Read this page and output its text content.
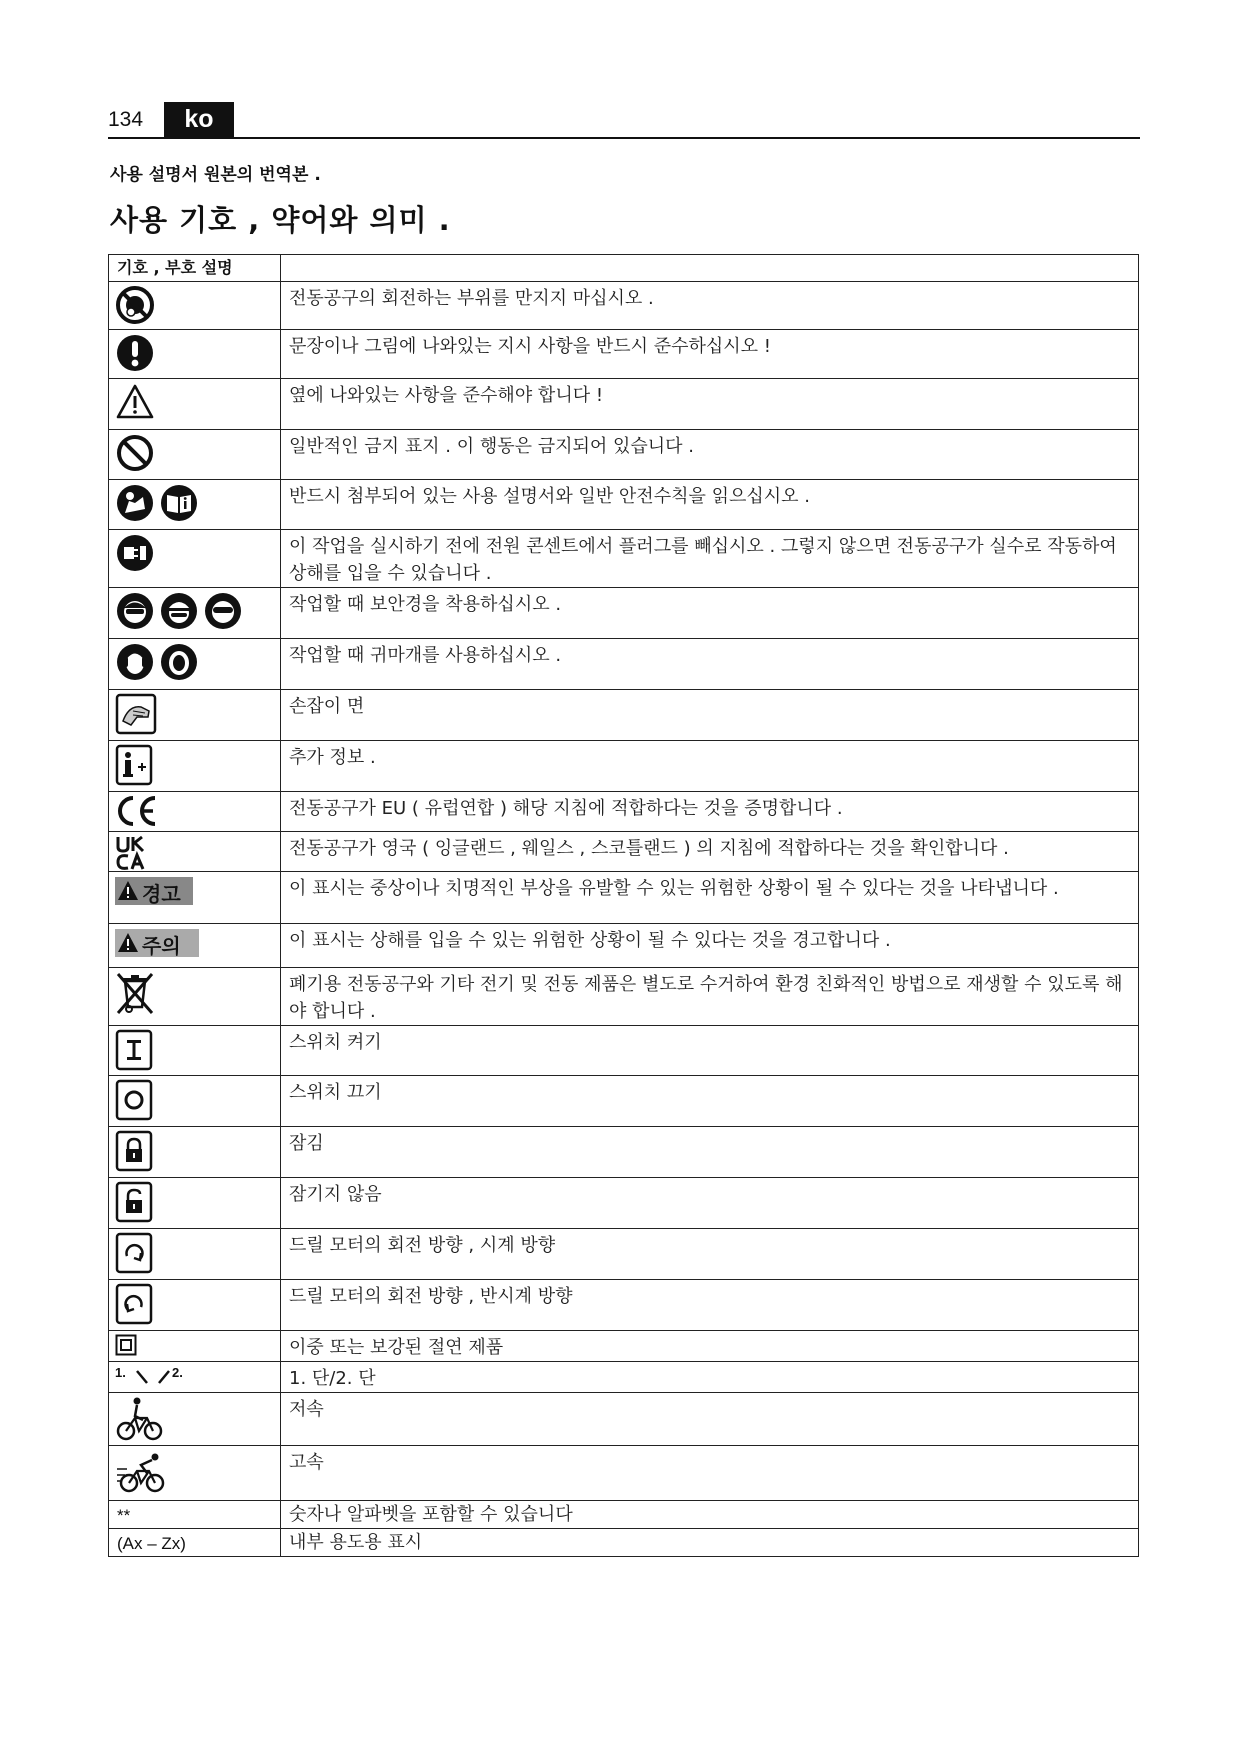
134	ko
사용 설명서 원본의 번역본 .
사용 기호 , 약어와 의미 .
기호 , 부호 설명	

	전동공구의 회전하는 부위를 만지지 마십시오 .

	문장이나 그림에 나와있는 지시 사항을 반드시 준수하십시오 !

	옆에 나와있는 사항을 준수해야 합니다 !

	일반적인 금지 표지 . 이 행동은 금지되어 있습니다 .

	반드시 첨부되어 있는 사용 설명서와 일반 안전수칙을 읽으십시오 .

	이 작업을 실시하기 전에 전원 콘센트에서 플러그를 빼십시오 . 그렇지 않으면 전동공구가 실수로 작동하여 상해를 입을 수 있습니다 .

	작업할 때 보안경을 착용하십시오 .

	작업할 때 귀마개를 사용하십시오 .

	손잡이 면

	추가 정보 .

	전동공구가 EU ( 유럽연합 ) 해당 지침에 적합하다는 것을 증명합니다 .

	전동공구가 영국 ( 잉글랜드 , 웨일스 , 스코틀랜드 ) 의 지침에 적합하다는 것을 확인합니다 .

경고	이 표시는 중상이나 치명적인 부상을 유발할 수 있는 위험한 상황이 될 수 있다는 것을 나타냅니다 .

주의	이 표시는 상해를 입을 수 있는 위험한 상황이 될 수 있다는 것을 경고합니다 .

	폐기용 전동공구와 기타 전기 및 전동 제품은 별도로 수거하여 환경 친화적인 방법으로 재생할 수 있도록 해야 합니다 .

	스위치 켜기

	스위치 끄기

	잠김

	잠기지 않음

	드릴 모터의 회전 방향 , 시계 방향

	드릴 모터의 회전 방향 , 반시계 방향

	이중 또는 보강된 절연 제품

1. 2.	1. 단/2. 단

	저속

	고속

**	숫자나 알파벳을 포함할 수 있습니다

(Ax – Zx)	내부 용도용 표시
